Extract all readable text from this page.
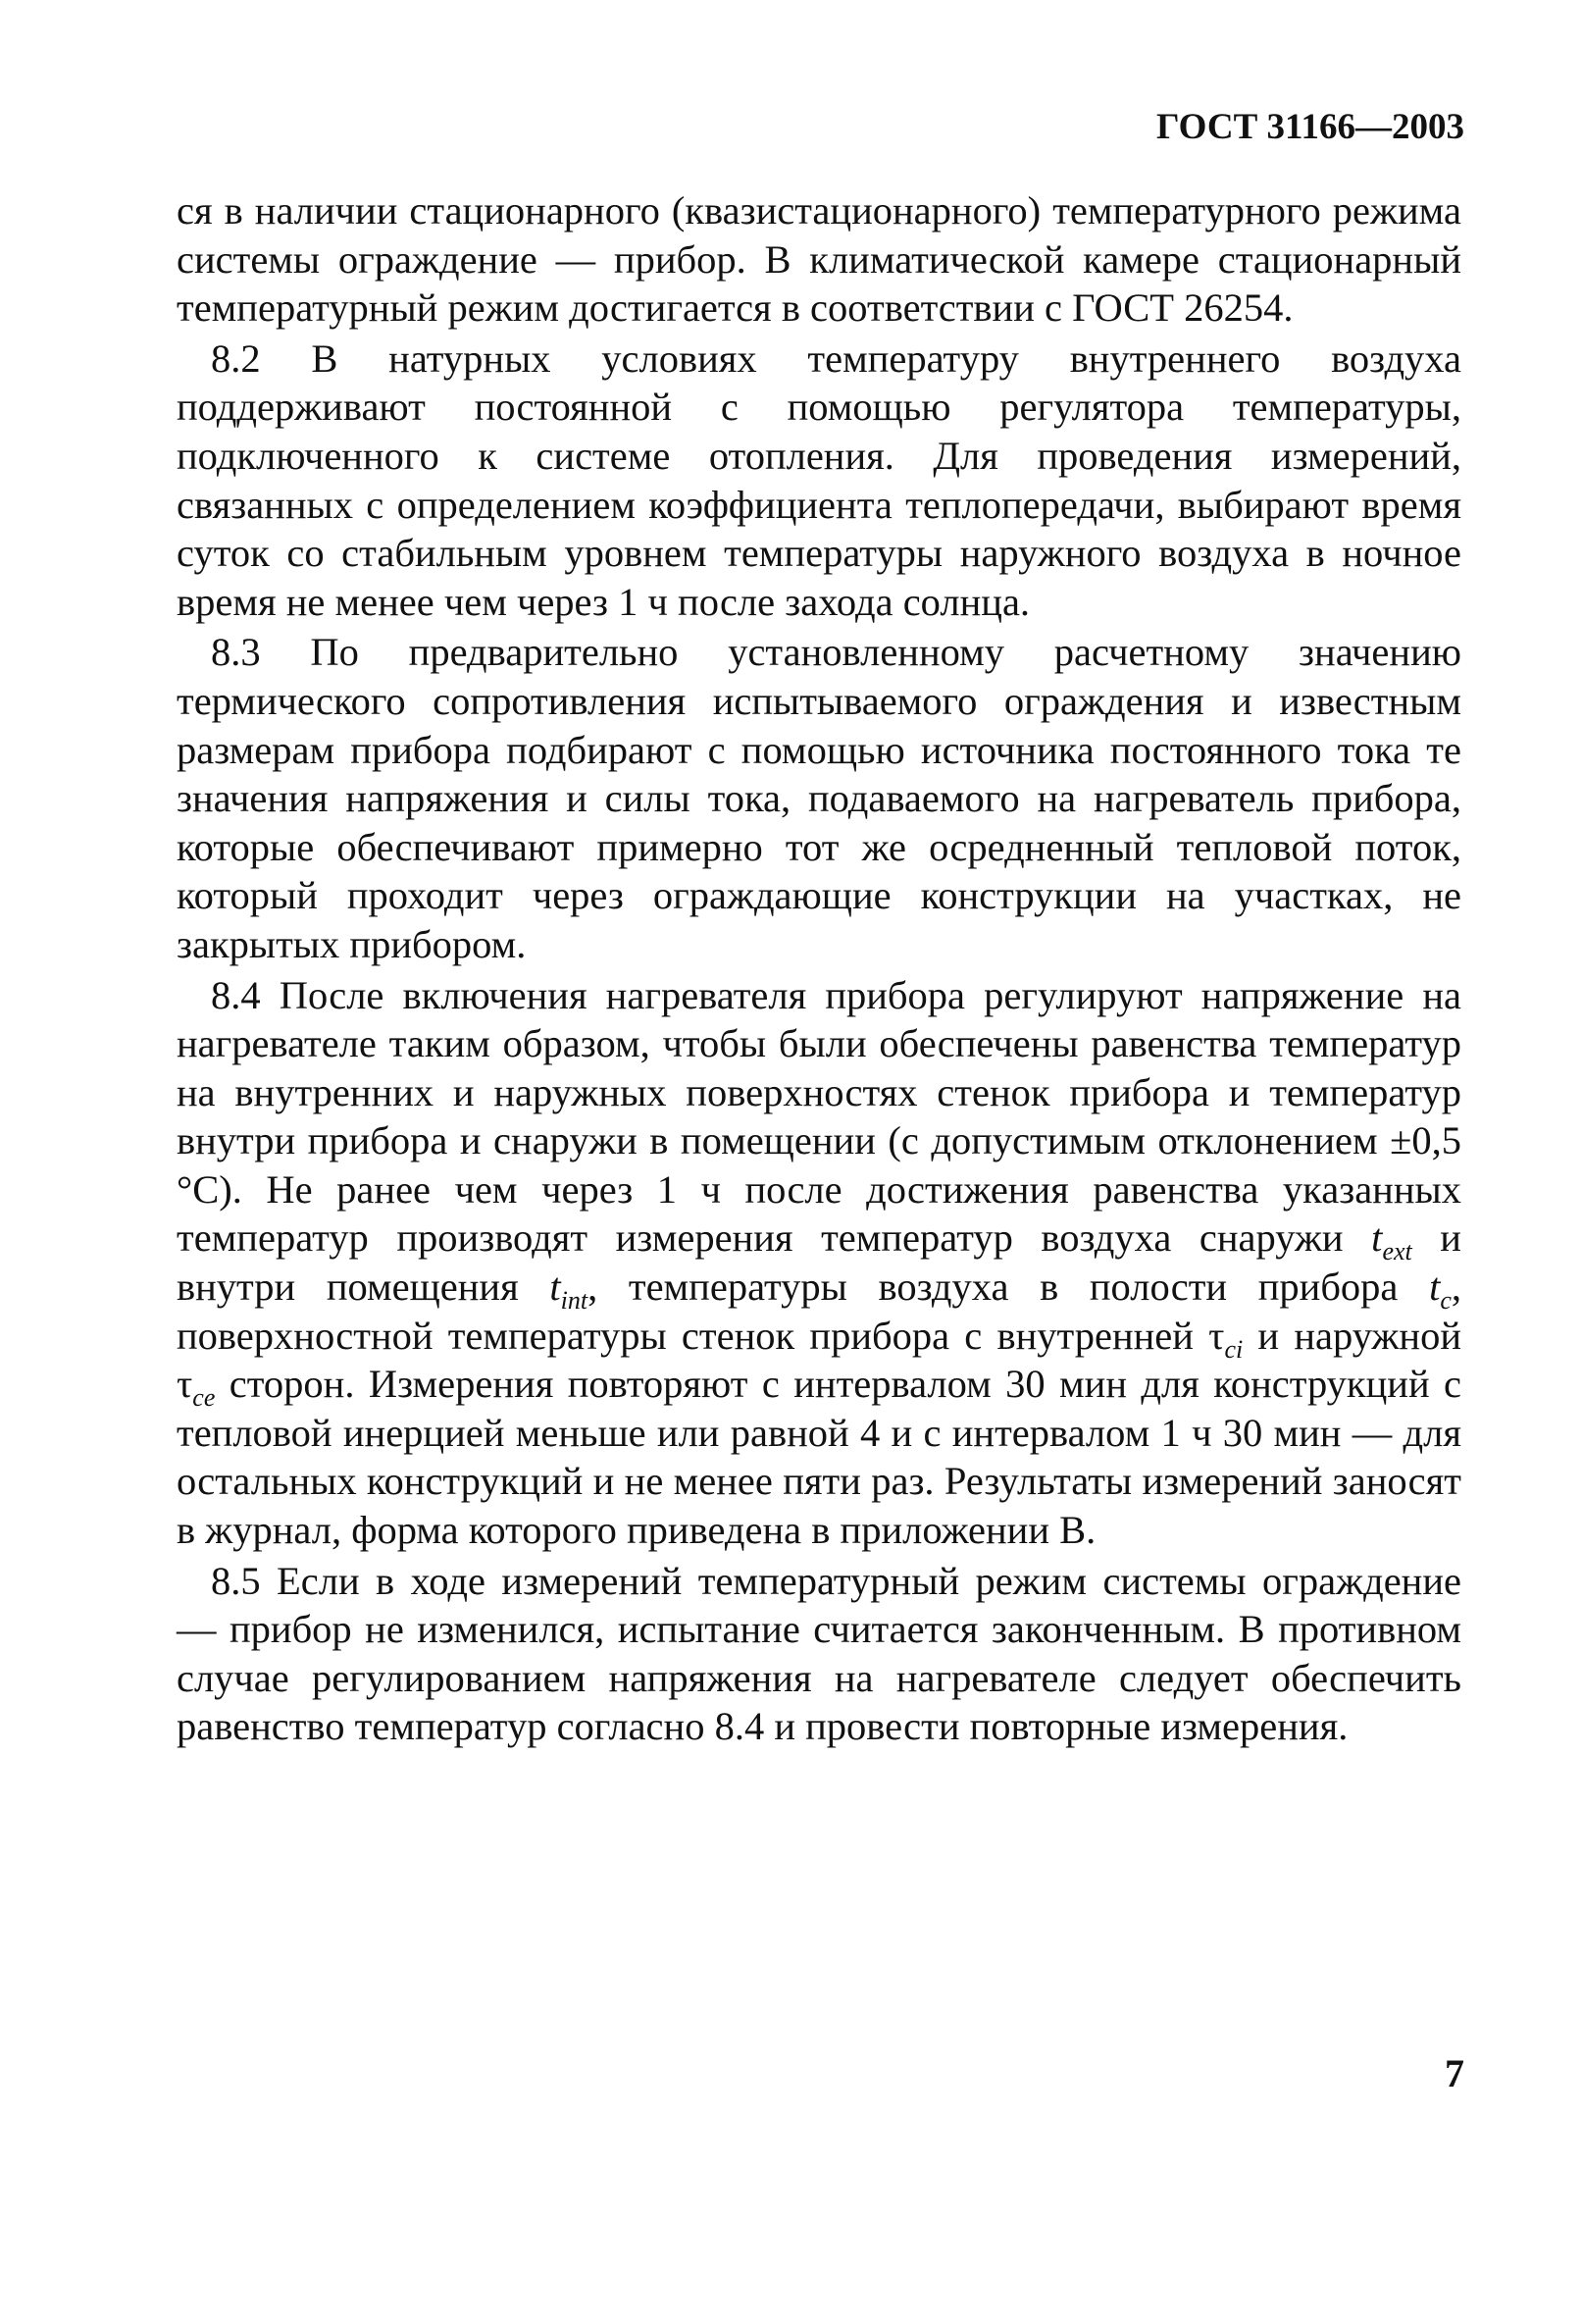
ГОСТ 31166—2003

ся в наличии стационарного (квазистационарного) температурного режима системы ограждение — прибор. В климатической камере стационарный температурный режим достигается в соответствии с ГОСТ 26254.

8.2 В натурных условиях температуру внутреннего воздуха поддерживают постоянной с помощью регулятора температуры, подключенного к системе отопления. Для проведения измерений, связанных с определением коэффициента теплопередачи, выбирают время суток со стабильным уровнем температуры наружного воздуха в ночное время не менее чем через 1 ч после захода солнца.

8.3 По предварительно установленному расчетному значению термического сопротивления испытываемого ограждения и известным размерам прибора подбирают с помощью источника постоянного тока те значения напряжения и силы тока, подаваемого на нагреватель прибора, которые обеспечивают примерно тот же осредненный тепловой поток, который проходит через ограждающие конструкции на участках, не закрытых прибором.

8.4 После включения нагревателя прибора регулируют напряжение на нагревателе таким образом, чтобы были обеспечены равенства температур на внутренних и наружных поверхностях стенок прибора и температур внутри прибора и снаружи в помещении (с допустимым отклонением ±0,5 °С). Не ранее чем через 1 ч после достижения равенства указанных температур производят измерения температур воздуха снаружи $t_{ext}$ и внутри помещения $t_{int}$, температуры воздуха в полости прибора $t_c$, поверхностной температуры стенок прибора с внутренней $\tau_{ci}$ и наружной $\tau_{ce}$ сторон. Измерения повторяют с интервалом 30 мин для конструкций с тепловой инерцией меньше или равной 4 и с интервалом 1 ч 30 мин — для остальных конструкций и не менее пяти раз. Результаты измерений заносят в журнал, форма которого приведена в приложении В.

8.5 Если в ходе измерений температурный режим системы ограждение — прибор не изменился, испытание считается законченным. В противном случае регулированием напряжения на нагревателе следует обеспечить равенство температур согласно 8.4 и провести повторные измерения.

7
